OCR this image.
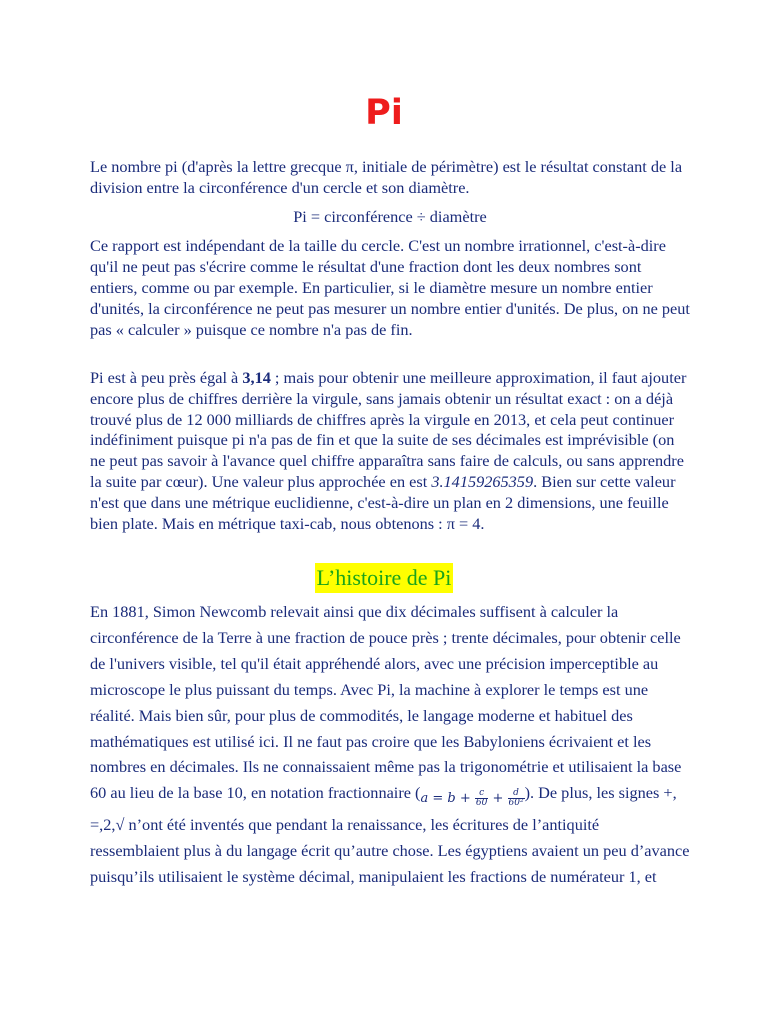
Pi
Le nombre pi (d'après la lettre grecque π, initiale de périmètre) est le résultat constant de la division entre la circonférence d'un cercle et son diamètre.
Pi = circonférence ÷ diamètre
Ce rapport est indépendant de la taille du cercle. C'est un nombre irrationnel, c'est-à-dire qu'il ne peut pas s'écrire comme le résultat d'une fraction dont les deux nombres sont entiers, comme ou par exemple. En particulier, si le diamètre mesure un nombre entier d'unités, la circonférence ne peut pas mesurer un nombre entier d'unités. De plus, on ne peut pas « calculer » puisque ce nombre n'a pas de fin.
Pi est à peu près égal à 3,14 ; mais pour obtenir une meilleure approximation, il faut ajouter encore plus de chiffres derrière la virgule, sans jamais obtenir un résultat exact : on a déjà trouvé plus de 12 000 milliards de chiffres après la virgule en 2013, et cela peut continuer indéfiniment puisque pi n'a pas de fin et que la suite de ses décimales est imprévisible (on ne peut pas savoir à l'avance quel chiffre apparaîtra sans faire de calculs, ou sans apprendre la suite par cœur). Une valeur plus approchée en est 3.14159265359. Bien sur cette valeur n'est que dans une métrique euclidienne, c'est-à-dire un plan en 2 dimensions, une feuille bien plate. Mais en métrique taxi-cab, nous obtenons : π = 4.
L’histoire de Pi
En 1881, Simon Newcomb relevait ainsi que dix décimales suffisent à calculer la circonférence de la Terre à une fraction de pouce près ; trente décimales, pour obtenir celle de l'univers visible, tel qu'il était appréhendé alors, avec une précision imperceptible au microscope le plus puissant du temps. Avec Pi, la machine à explorer le temps est une réalité. Mais bien sûr, pour plus de commodités, le langage moderne et habituel des mathématiques est utilisé ici. Il ne faut pas croire que les Babyloniens écrivaient et les nombres en décimales. Ils ne connaissaient même pas la trigonométrie et utilisaient la base 60 au lieu de la base 10, en notation fractionnaire ($a = b + \frac{c}{60} + \frac{d}{\text{60²}}$ ). De plus, les signes +, =,2,√ n’ont été inventés que pendant la renaissance, les écritures de l’antiquité ressemblaient plus à du langage écrit qu’autre chose. Les égyptiens avaient un peu d’avance puisqu’ils utilisaient le système décimal, manipulaient les fractions de numérateur 1, et
